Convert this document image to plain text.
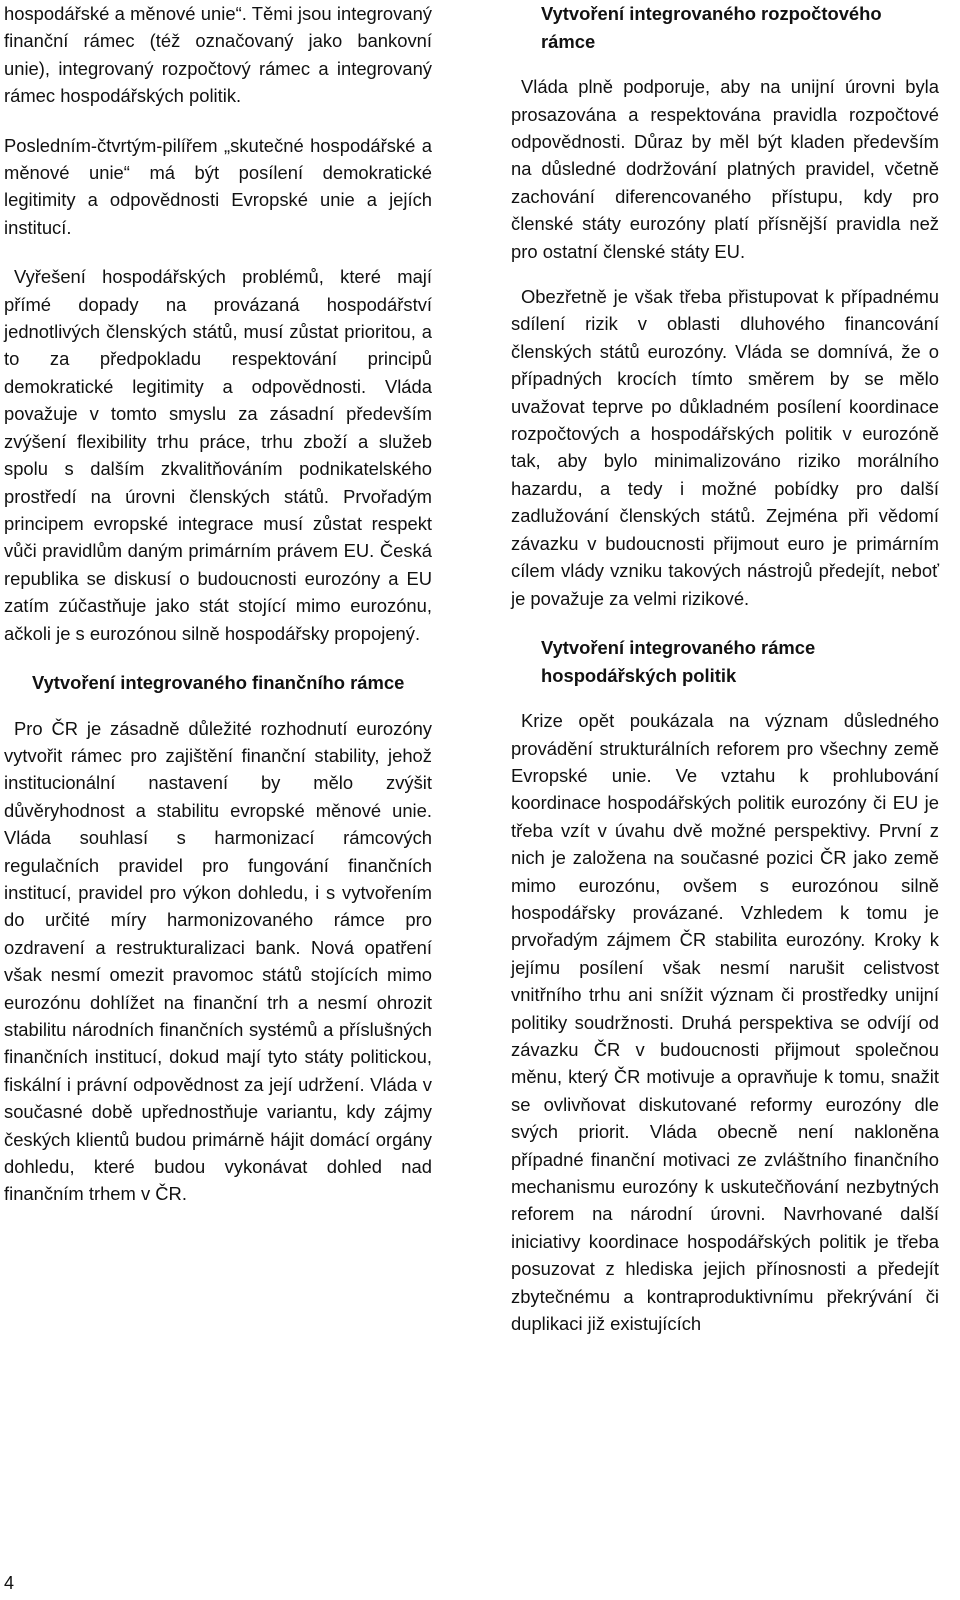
hospodářské a měnové unie“. Těmi jsou integrovaný finanční rámec (též označovaný jako bankovní unie), integrovaný rozpočtový rámec a integrovaný rámec hospodářských politik.

Posledním-čtvrtým-pilířem „skutečné hospodářské a měnové unie“ má být posílení demokratické legitimity a odpovědnosti Evropské unie a jejích institucí.

Vyřešení hospodářských problémů, které mají přímé dopady na provázaná hospodářství jednotlivých členských států, musí zůstat prioritou, a to za předpokladu respektování principů demokratické legitimity a odpovědnosti. Vláda považuje v tomto smyslu za zásadní především zvýšení flexibility trhu práce, trhu zboží a služeb spolu s dalším zkvalitňováním podnikatelského prostředí na úrovni členských států. Prvořadým principem evropské integrace musí zůstat respekt vůči pravidlům daným primárním právem EU. Česká republika se diskusí o budoucnosti eurozóny a EU zatím zúčastňuje jako stát stojící mimo eurozónu, ačkoli je s eurozónou silně hospodářsky propojený.

Vytvoření integrovaného finančního rámce

Pro ČR je zásadně důležité rozhodnutí eurozóny vytvořit rámec pro zajištění finanční stability, jehož institucionální nastavení by mělo zvýšit důvěryhodnost a stabilitu evropské měnové unie. Vláda souhlasí s harmonizací rámcových regulačních pravidel pro fungování finančních institucí, pravidel pro výkon dohledu, i s vytvořením do určité míry harmonizovaného rámce pro ozdravení a restrukturalizaci bank. Nová opatření však nesmí omezit pravomoc států stojících mimo eurozónu dohlížet na finanční trh a nesmí ohrozit stabilitu národních finančních systémů a příslušných finančních institucí, dokud mají tyto státy politickou, fiskální i právní odpovědnost za její udržení. Vláda v současné době upřednostňuje variantu, kdy zájmy českých klientů budou primárně hájit domácí orgány dohledu, které budou vykonávat dohled nad finančním trhem v ČR.

Vytvoření integrovaného rozpočtového rámce

Vláda plně podporuje, aby na unijní úrovni byla prosazována a respektována pravidla rozpočtové odpovědnosti. Důraz by měl být kladen především na důsledné dodržování platných pravidel, včetně zachování diferencovaného přístupu, kdy pro členské státy eurozóny platí přísnější pravidla než pro ostatní členské státy EU.

Obezřetně je však třeba přistupovat k případnému sdílení rizik v oblasti dluhového financování členských států eurozóny. Vláda se domnívá, že o případných krocích tímto směrem by se mělo uvažovat teprve po důkladném posílení koordinace rozpočtových a hospodářských politik v eurozóně tak, aby bylo minimalizováno riziko morálního hazardu, a tedy i možné pobídky pro další zadlužování členských států. Zejména při vědomí závazku v budoucnosti přijmout euro je primárním cílem vlády vzniku takových nástrojů předejít, neboť je považuje za velmi rizikové.

Vytvoření integrovaného rámce hospodářských politik

Krize opět poukázala na význam důsledného provádění strukturálních reforem pro všechny země Evropské unie. Ve vztahu k prohlubování koordinace hospodářských politik eurozóny či EU je třeba vzít v úvahu dvě možné perspektivy. První z nich je založena na současné pozici ČR jako země mimo eurozónu, ovšem s eurozónou silně hospodářsky provázané. Vzhledem k tomu je prvořadým zájmem ČR stabilita eurozóny. Kroky k jejímu posílení však nesmí narušit celistvost vnitřního trhu ani snížit význam či prostředky unijní politiky soudržnosti. Druhá perspektiva se odvíjí od závazku ČR v budoucnosti přijmout společnou měnu, který ČR motivuje a opravňuje k tomu, snažit se ovlivňovat diskutované reformy eurozóny dle svých priorit. Vláda obecně není nakloněna případné finanční motivaci ze zvláštního finančního mechanismu eurozóny k uskutečňování nezbytných reforem na národní úrovni. Navrhované další iniciativy koordinace hospodářských politik je třeba posuzovat z hlediska jejich přínosnosti a předejít zbytečnému a kontraproduktivnímu překrývání či duplikaci již existujících

4
